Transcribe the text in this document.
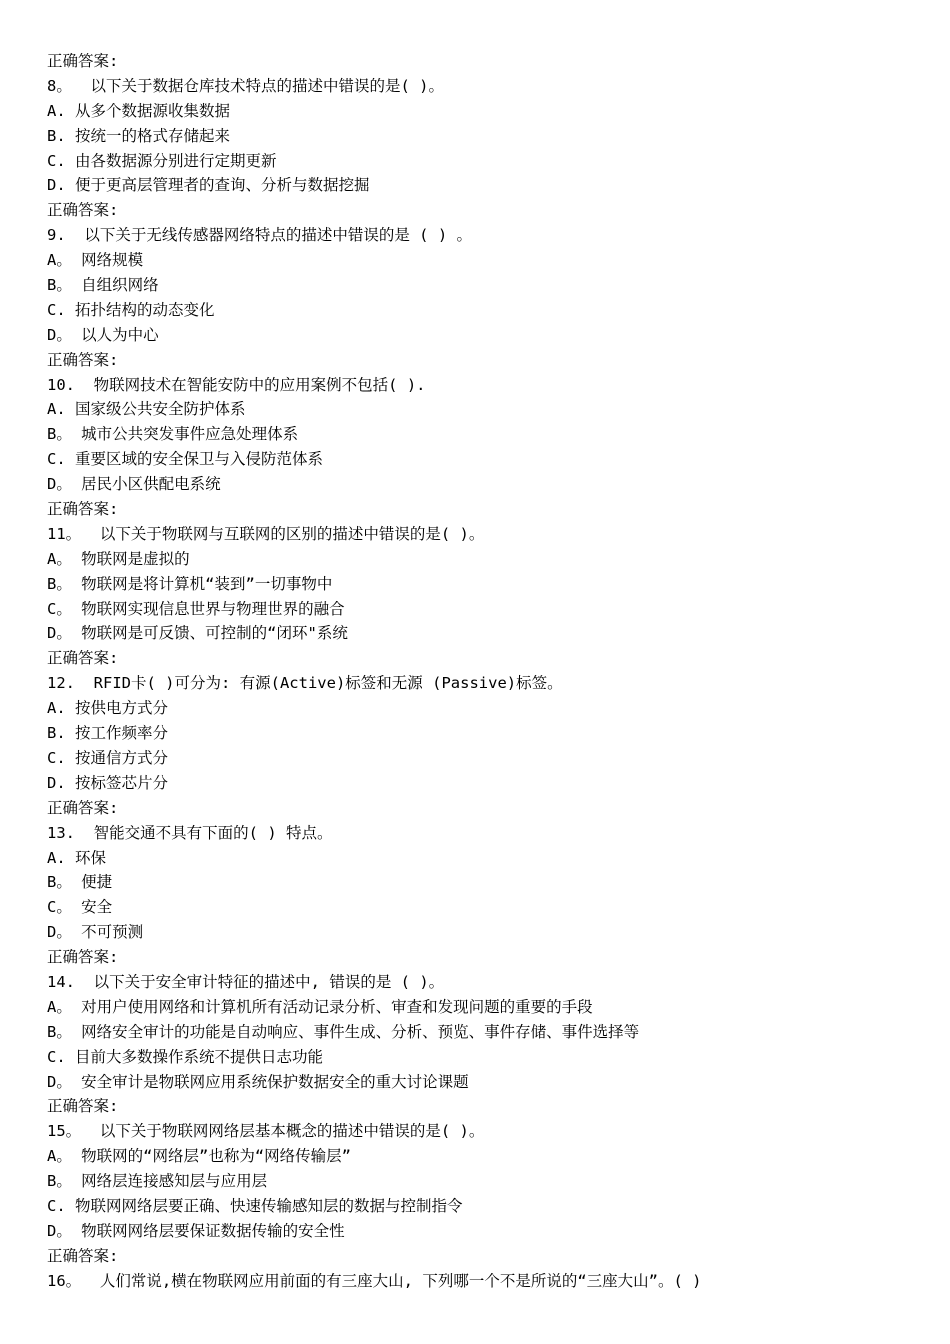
正确答案:
8。  以下关于数据仓库技术特点的描述中错误的是( )。
A. 从多个数据源收集数据
B. 按统一的格式存储起来
C. 由各数据源分别进行定期更新
D. 便于更高层管理者的查询、分析与数据挖掘
正确答案:
9.  以下关于无线传感器网络特点的描述中错误的是 ( ) 。
A。 网络规模
B。 自组织网络
C. 拓扑结构的动态变化
D。 以人为中心
正确答案:
10.  物联网技术在智能安防中的应用案例不包括( ).
A. 国家级公共安全防护体系
B。 城市公共突发事件应急处理体系
C. 重要区域的安全保卫与入侵防范体系
D。 居民小区供配电系统
正确答案:
11。  以下关于物联网与互联网的区别的描述中错误的是( )。
A。 物联网是虚拟的
B。 物联网是将计算机“装到”一切事物中
C。 物联网实现信息世界与物理世界的融合
D。 物联网是可反馈、可控制的“闭环"系统
正确答案:
12.  RFID卡( )可分为: 有源(Active)标签和无源 (Passive)标签。
A. 按供电方式分
B. 按工作频率分
C. 按通信方式分
D. 按标签芯片分
正确答案:
13.  智能交通不具有下面的( ) 特点。
A. 环保
B。 便捷
C。 安全
D。 不可预测
正确答案:
14.  以下关于安全审计特征的描述中, 错误的是 ( )。
A。 对用户使用网络和计算机所有活动记录分析、审查和发现问题的重要的手段
B。 网络安全审计的功能是自动响应、事件生成、分析、预览、事件存储、事件选择等
C. 目前大多数操作系统不提供日志功能
D。 安全审计是物联网应用系统保护数据安全的重大讨论课题
正确答案:
15。  以下关于物联网网络层基本概念的描述中错误的是( )。
A。 物联网的“网络层”也称为“网络传输层”
B。 网络层连接感知层与应用层
C. 物联网网络层要正确、快速传输感知层的数据与控制指令
D。 物联网网络层要保证数据传输的安全性
正确答案:
16。  人们常说,横在物联网应用前面的有三座大山, 下列哪一个不是所说的“三座大山”。( )
